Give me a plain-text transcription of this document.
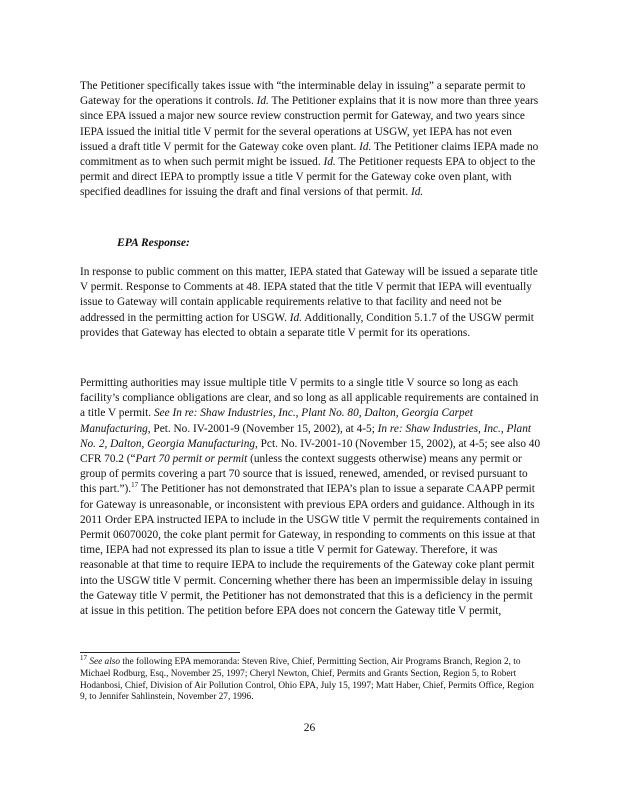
The Petitioner specifically takes issue with “the interminable delay in issuing” a separate permit to Gateway for the operations it controls. Id. The Petitioner explains that it is now more than three years since EPA issued a major new source review construction permit for Gateway, and two years since IEPA issued the initial title V permit for the several operations at USGW, yet IEPA has not even issued a draft title V permit for the Gateway coke oven plant. Id. The Petitioner claims IEPA made no commitment as to when such permit might be issued. Id. The Petitioner requests EPA to object to the permit and direct IEPA to promptly issue a title V permit for the Gateway coke oven plant, with specified deadlines for issuing the draft and final versions of that permit. Id.

EPA Response:

In response to public comment on this matter, IEPA stated that Gateway will be issued a separate title V permit. Response to Comments at 48. IEPA stated that the title V permit that IEPA will eventually issue to Gateway will contain applicable requirements relative to that facility and need not be addressed in the permitting action for USGW. Id. Additionally, Condition 5.1.7 of the USGW permit provides that Gateway has elected to obtain a separate title V permit for its operations.

Permitting authorities may issue multiple title V permits to a single title V source so long as each facility’s compliance obligations are clear, and so long as all applicable requirements are contained in a title V permit. See In re: Shaw Industries, Inc., Plant No. 80, Dalton, Georgia Carpet Manufacturing, Pet. No. IV-2001-9 (November 15, 2002), at 4-5; In re: Shaw Industries, Inc., Plant No. 2, Dalton, Georgia Manufacturing, Pct. No. IV-2001-10 (November 15, 2002), at 4-5; see also 40 CFR 70.2 (“Part 70 permit or permit (unless the context suggests otherwise) means any permit or group of permits covering a part 70 source that is issued, renewed, amended, or revised pursuant to this part.”).$^{17}$ The Petitioner has not demonstrated that IEPA’s plan to issue a separate CAAPP permit for Gateway is unreasonable, or inconsistent with previous EPA orders and guidance. Although in its 2011 Order EPA instructed IEPA to include in the USGW title V permit the requirements contained in Permit 06070020, the coke plant permit for Gateway, in responding to comments on this issue at that time, IEPA had not expressed its plan to issue a title V permit for Gateway. Therefore, it was reasonable at that time to require IEPA to include the requirements of the Gateway coke plant permit into the USGW title V permit. Concerning whether there has been an impermissible delay in issuing the Gateway title V permit, the Petitioner has not demonstrated that this is a deficiency in the permit at issue in this petition. The petition before EPA does not concern the Gateway title V permit,

$^{17}$ See also the following EPA memoranda: Steven Rive, Chief, Permitting Section, Air Programs Branch, Region 2, to Michael Rodburg, Esq., November 25, 1997; Cheryl Newton, Chief, Permits and Grants Section, Region 5, to Robert Hodanbosi, Chief, Division of Air Pollution Control, Ohio EPA, July 15, 1997; Matt Haber, Chief, Permits Office, Region 9, to Jennifer Sahlinstein, November 27, 1996.

26
